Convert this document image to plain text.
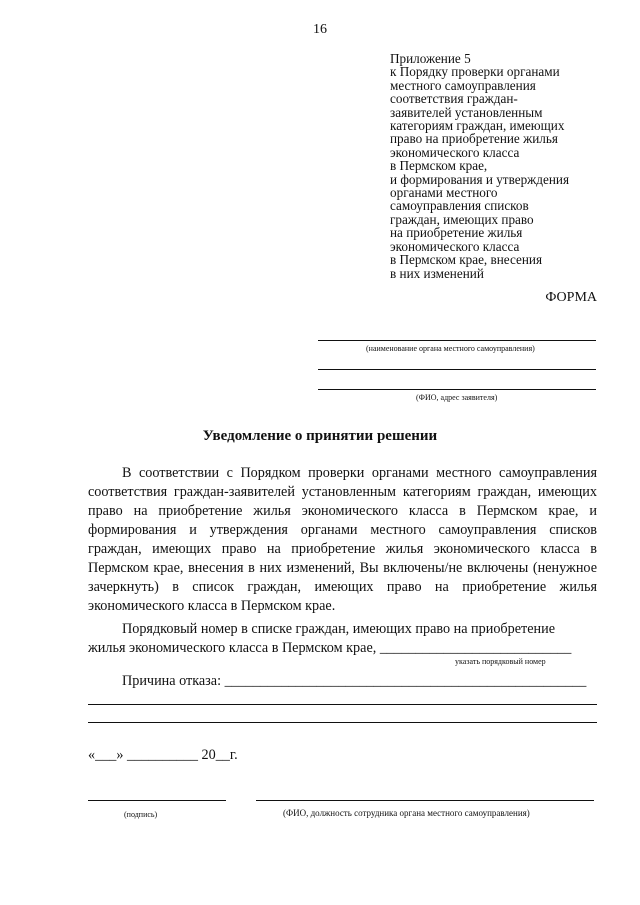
16
Приложение 5
к Порядку проверки органами
местного самоуправления
соответствия граждан-
заявителей установленным
категориям граждан, имеющих
право на приобретение жилья
экономического класса
в Пермском крае,
и формирования и утверждения
органами местного
самоуправления списков
граждан, имеющих право
на приобретение жилья
экономического класса
в Пермском крае, внесения
в них изменений
ФОРМА
(наименование органа местного самоуправления)
(ФИО, адрес заявителя)
Уведомление о принятии решении

В соответствии с Порядком проверки органами местного самоуправления соответствия граждан-заявителей установленным категориям граждан, имеющих право на приобретение жилья экономического класса в Пермском крае, и формирования и утверждения органами местного самоуправления списков граждан, имеющих право на приобретение жилья экономического класса в Пермском крае, внесения в них изменений, Вы включены/не включены (ненужное зачеркнуть) в список граждан, имеющих право на приобретение жилья экономического класса в Пермском крае.

Порядковый номер в списке граждан, имеющих право на приобретение
жилья экономического класса в Пермском крае, ___________________________
указать порядковый номер
Причина отказа: ___________________________________________________
«___» __________ 20__г.
(подпись)	(ФИО, должность сотрудника органа местного самоуправления)
